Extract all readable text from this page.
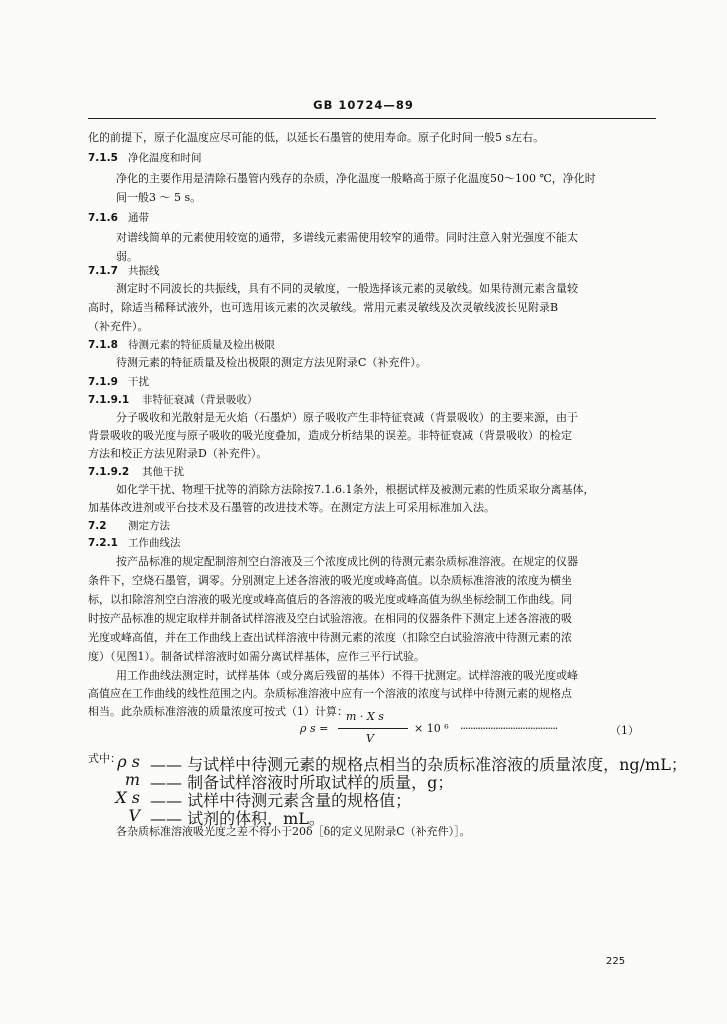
GB 10724—89
化的前提下，原子化温度应尽可能的低，以延长石墨管的使用寿命。原子化时间一般5 s左右。
7.1.5 净化温度和时间
净化的主要作用是清除石墨管内残存的杂质，净化温度一般略高于原子化温度50～100 ℃，净化时
间一般3 ～ 5 s。
7.1.6 通带
对谱线简单的元素使用较宽的通带，多谱线元素需使用较窄的通带。同时注意入射光强度不能太
弱。
7.1.7 共振线
测定时不同波长的共振线，具有不同的灵敏度，一般选择该元素的灵敏线。如果待测元素含量较
高时，除适当稀释试液外，也可选用该元素的次灵敏线。常用元素灵敏线及次灵敏线波长见附录B
（补充件）。
7.1.8 待测元素的特征质量及检出极限
待测元素的特征质量及检出极限的测定方法见附录C（补充件）。
7.1.9 干扰
7.1.9.1 非特征衰减（背景吸收）
分子吸收和光散射是无火焰（石墨炉）原子吸收产生非特征衰减（背景吸收）的主要来源，由于
背景吸收的吸光度与原子吸收的吸光度叠加，造成分析结果的误差。非特征衰减（背景吸收）的检定
方法和校正方法见附录D（补充件）。
7.1.9.2 其他干扰
如化学干扰、物理干扰等的消除方法除按7.1.6.1条外，根据试样及被测元素的性质采取分离基体，
加基体改进剂或平台技术及石墨管的改进技术等。在测定方法上可采用标准加入法。
7.2 测定方法
7.2.1 工作曲线法
按产品标准的规定配制溶剂空白溶液及三个浓度成比例的待测元素杂质标准溶液。在规定的仪器
条件下，空烧石墨管，调零。分别测定上述各溶液的吸光度或峰高值。以杂质标准溶液的浓度为横坐
标，以扣除溶剂空白溶液的吸光度或峰高值后的各溶液的吸光度或峰高值为纵坐标绘制工作曲线。同
时按产品标准的规定取样并制备试样溶液及空白试验溶液。在相同的仪器条件下测定上述各溶液的吸
光度或峰高值，并在工作曲线上查出试样溶液中待测元素的浓度（扣除空白试验溶液中待测元素的浓
度）（见图1）。制备试样溶液时如需分离试样基体，应作三平行试验。
用工作曲线法测定时，试样基体（或分离后残留的基体）不得干扰测定。试样溶液的吸光度或峰
高值应在工作曲线的线性范围之内。杂质标准溶液中应有一个溶液的浓度与试样中待测元素的规格点
相当。此杂质标准溶液的质量浓度可按式（1）计算：
ρ s =
m · X s
V
× 10 ⁶ ·······································	（1）
式中：
ρ s —— 与试样中待测元素的规格点相当的杂质标准溶液的质量浓度，ng/mL；
m —— 制备试样溶液时所取试样的质量，g；
X s —— 试样中待测元素含量的规格值；
V —— 试剂的体积，mL。
各杂质标准溶液吸光度之差不得小于20δ［δ的定义见附录C（补充件）］。
225
